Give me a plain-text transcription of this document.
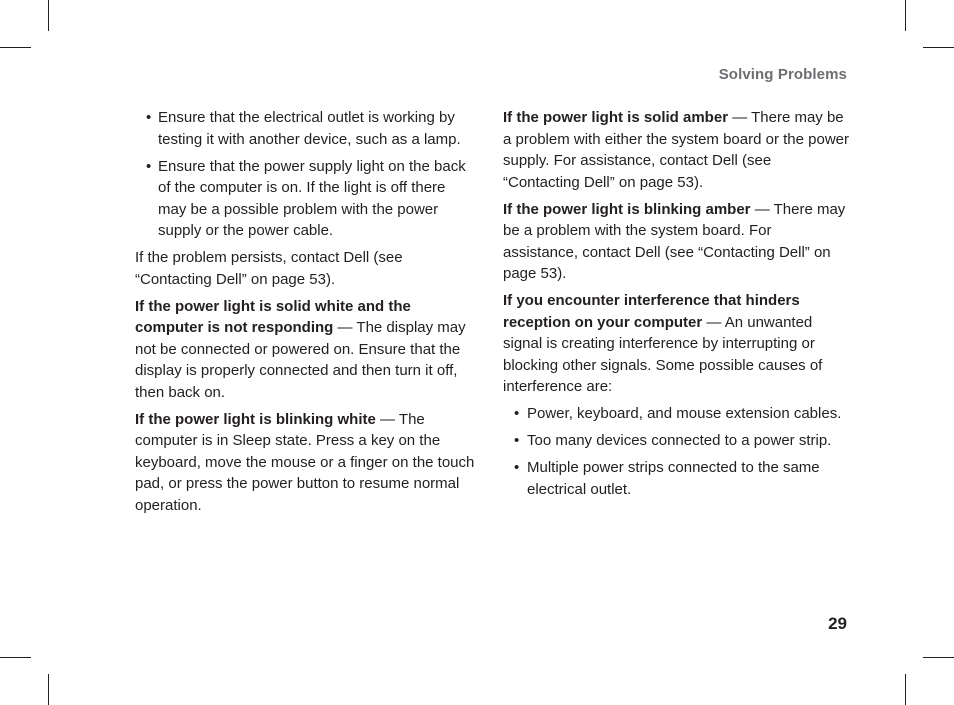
Solving Problems
• Ensure that the electrical outlet is working by testing it with another device, such as a lamp.
• Ensure that the power supply light on the back of the computer is on. If the light is off there may be a possible problem with the power supply or the power cable.

If the problem persists, contact Dell (see “Contacting Dell” on page 53).

If the power light is solid white and the computer is not responding — The display may not be connected or powered on. Ensure that the display is properly connected and then turn it off, then back on.

If the power light is blinking white — The computer is in Sleep state. Press a key on the keyboard, move the mouse or a finger on the touch pad, or press the power button to resume normal operation.

If the power light is solid amber — There may be a problem with either the system board or the power supply. For assistance, contact Dell (see “Contacting Dell” on page 53).

If the power light is blinking amber — There may be a problem with the system board. For assistance, contact Dell (see “Contacting Dell” on page 53).

If you encounter interference that hinders reception on your computer — An unwanted signal is creating interference by interrupting or blocking other signals. Some possible causes of interference are:

• Power, keyboard, and mouse extension cables.
• Too many devices connected to a power strip.
• Multiple power strips connected to the same electrical outlet.
29
